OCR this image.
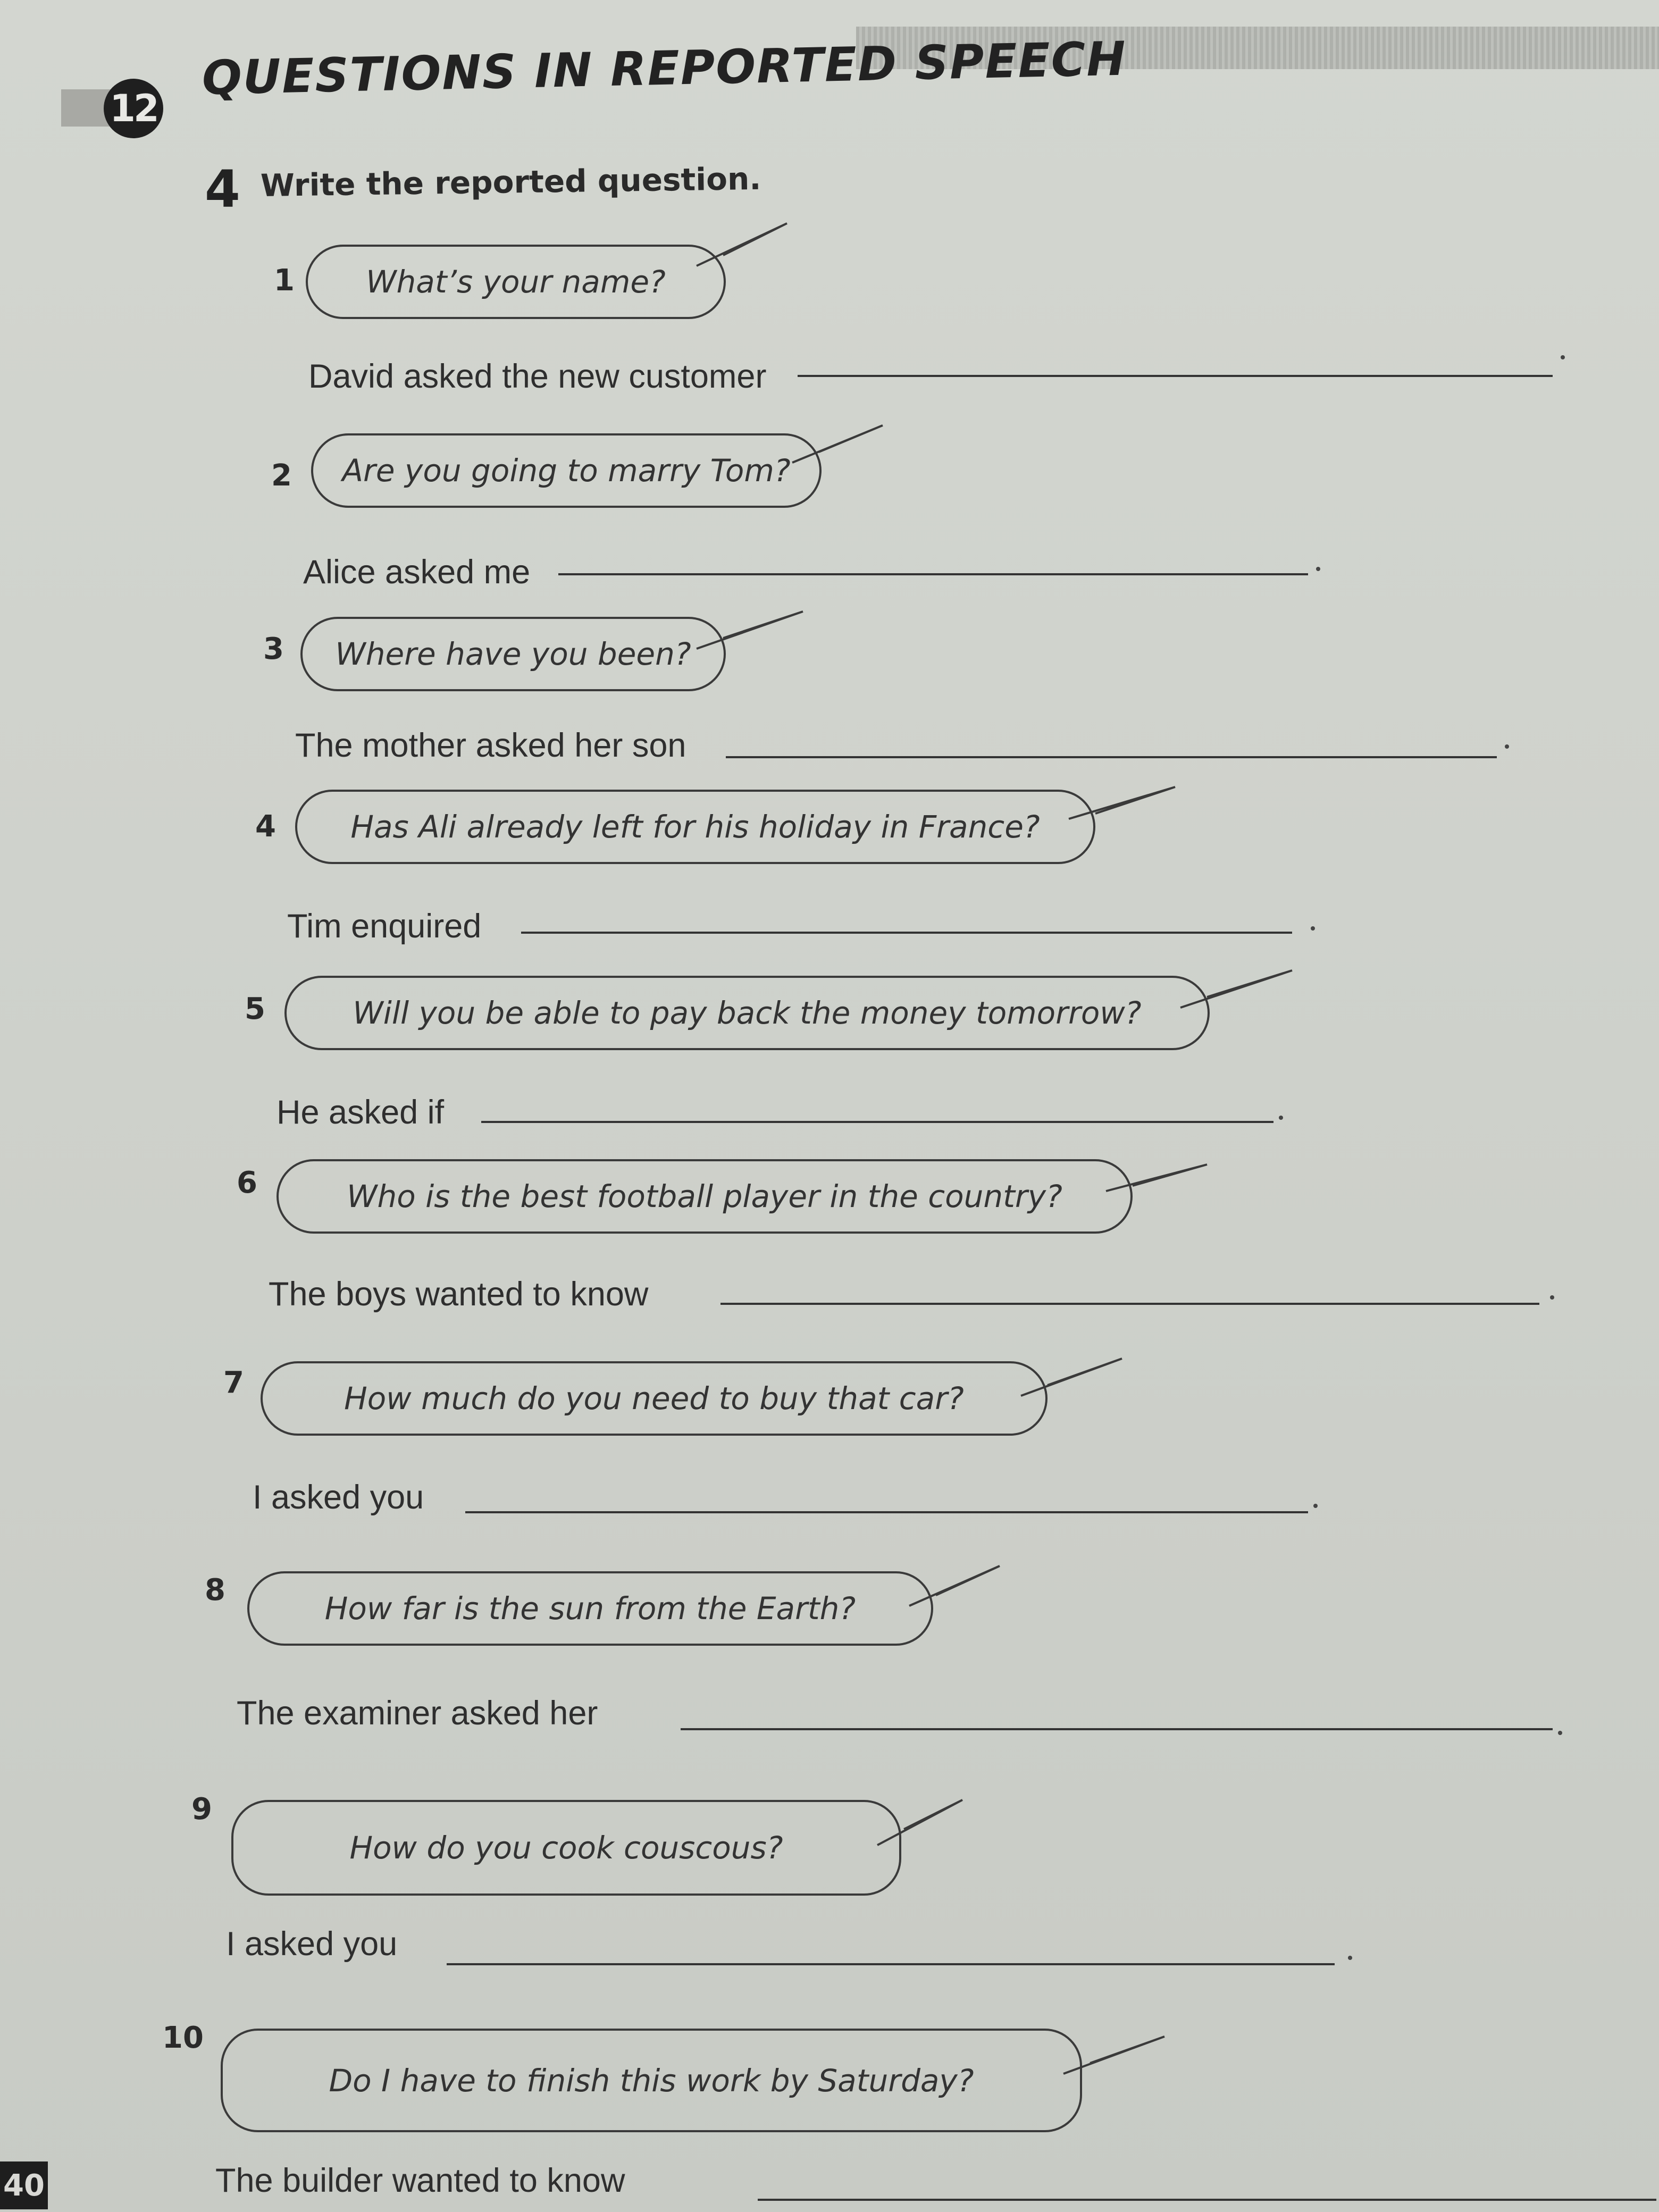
12
QUESTIONS IN REPORTED SPEECH
4 Write the reported question.
1	What’s your name?
David asked the new customer
2	Are you going to marry Tom?
Alice asked me
3	Where have you been?
The mother asked her son
4	Has Ali already left for his holiday in France?
Tim enquired
5	Will you be able to pay back the money tomorrow?
He asked if
6	Who is the best football player in the country?
The boys wanted to know
7	How much do you need to buy that car?
I asked you
8
How far is the sun from the Earth?
The examiner asked her
9
How do you cook couscous?
I asked you
10
Do I have to finish this work by Saturday?
The builder wanted to know
40
